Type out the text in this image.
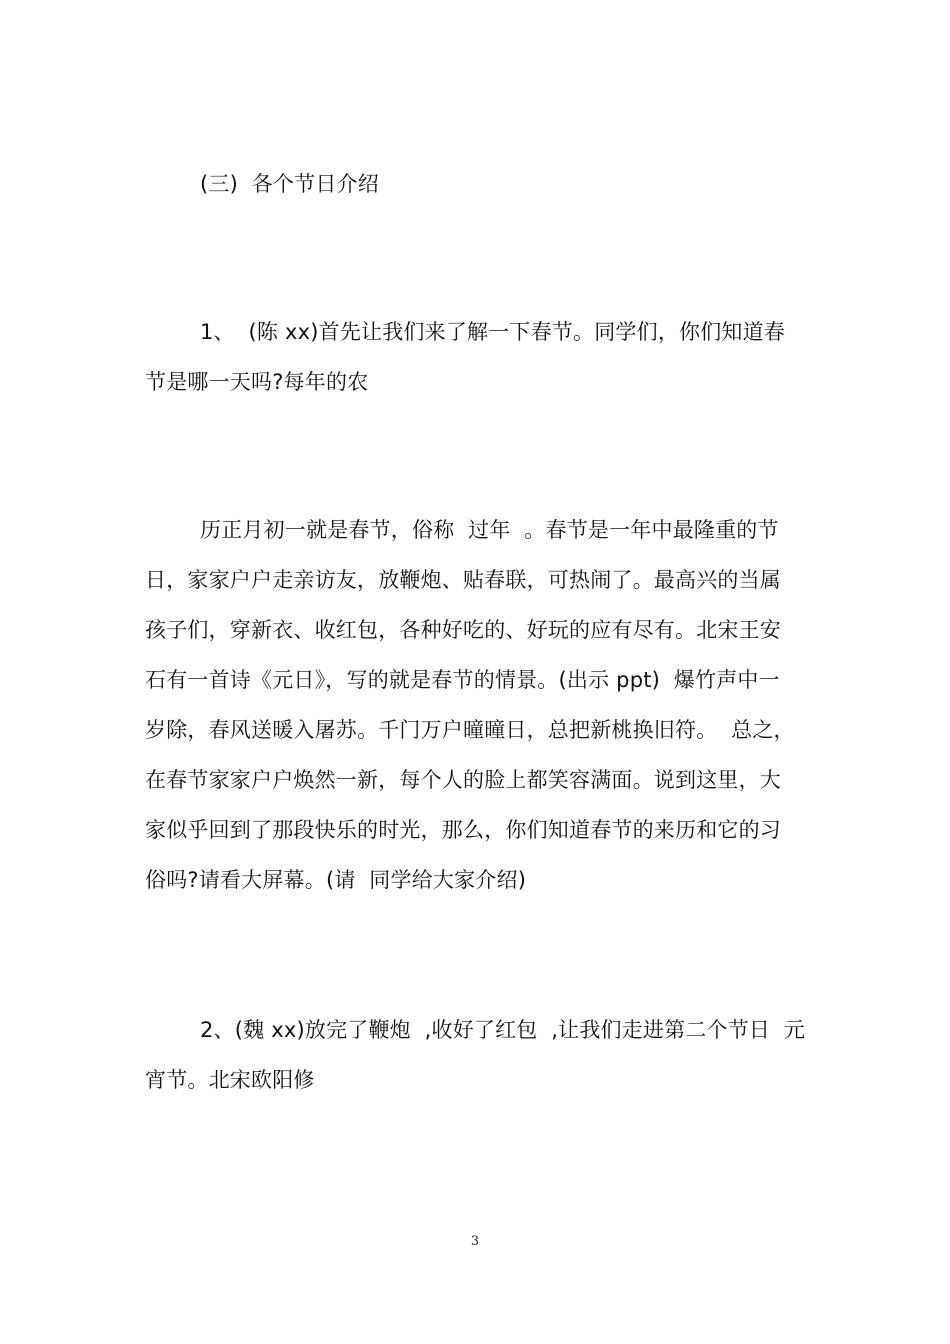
(三)  各个节日介绍
1、  (陈 xx)首先让我们来了解一下春节。同学们，你们知道春
节是哪一天吗?每年的农
历正月初一就是春节，俗称  过年  。春节是一年中最隆重的节
日，家家户户走亲访友，放鞭炮、贴春联，可热闹了。最高兴的当属
孩子们，穿新衣、收红包，各种好吃的、好玩的应有尽有。北宋王安
石有一首诗《元日》，写的就是春节的情景。(出示 ppt)  爆竹声中一
岁除，春风送暖入屠苏。千门万户曈曈日，总把新桃换旧符。  总之，
在春节家家户户焕然一新，每个人的脸上都笑容满面。说到这里，大
家似乎回到了那段快乐的时光，那么，你们知道春节的来历和它的习
俗吗?请看大屏幕。(请  同学给大家介绍)
2、(魏 xx)放完了鞭炮  ,收好了红包  ,让我们走进第二个节日  元
宵节。北宋欧阳修
3
